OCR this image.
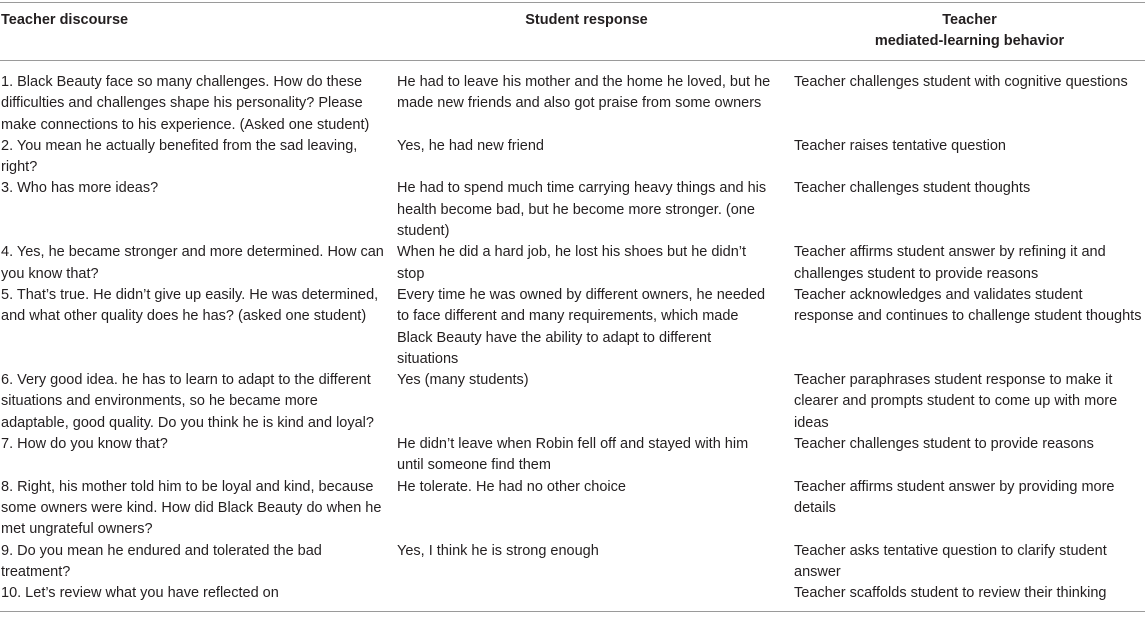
Teacher discourse	Student response	Teacher
mediated-learning behavior

1. Black Beauty face so many challenges. How do these difficulties and challenges shape his personality? Please make connections to his experience. (Asked one student)	He had to leave his mother and the home he loved, but he made new friends and also got praise from some owners	Teacher challenges student with cognitive questions
2. You mean he actually benefited from the sad leaving, right?	Yes, he had new friend	Teacher raises tentative question
3. Who has more ideas?	He had to spend much time carrying heavy things and his health become bad, but he become more stronger. (one student)	Teacher challenges student thoughts
4. Yes, he became stronger and more determined. How can you know that?	When he did a hard job, he lost his shoes but he didn’t stop	Teacher affirms student answer by refining it and challenges student to provide reasons
5. That’s true. He didn’t give up easily. He was determined, and what other quality does he has? (asked one student)	Every time he was owned by different owners, he needed to face different and many requirements, which made Black Beauty have the ability to adapt to different situations	Teacher acknowledges and validates student response and continues to challenge student thoughts
6. Very good idea. he has to learn to adapt to the different situations and environments, so he became more adaptable, good quality. Do you think he is kind and loyal?	Yes (many students)	Teacher paraphrases student response to make it clearer and prompts student to come up with more ideas
7. How do you know that?	He didn’t leave when Robin fell off and stayed with him until someone find them	Teacher challenges student to provide reasons
8. Right, his mother told him to be loyal and kind, because some owners were kind. How did Black Beauty do when he met ungrateful owners?	He tolerate. He had no other choice	Teacher affirms student answer by providing more details
9. Do you mean he endured and tolerated the bad treatment?	Yes, I think he is strong enough	Teacher asks tentative question to clarify student answer
10. Let’s review what you have reflected on		Teacher scaffolds student to review their thinking
